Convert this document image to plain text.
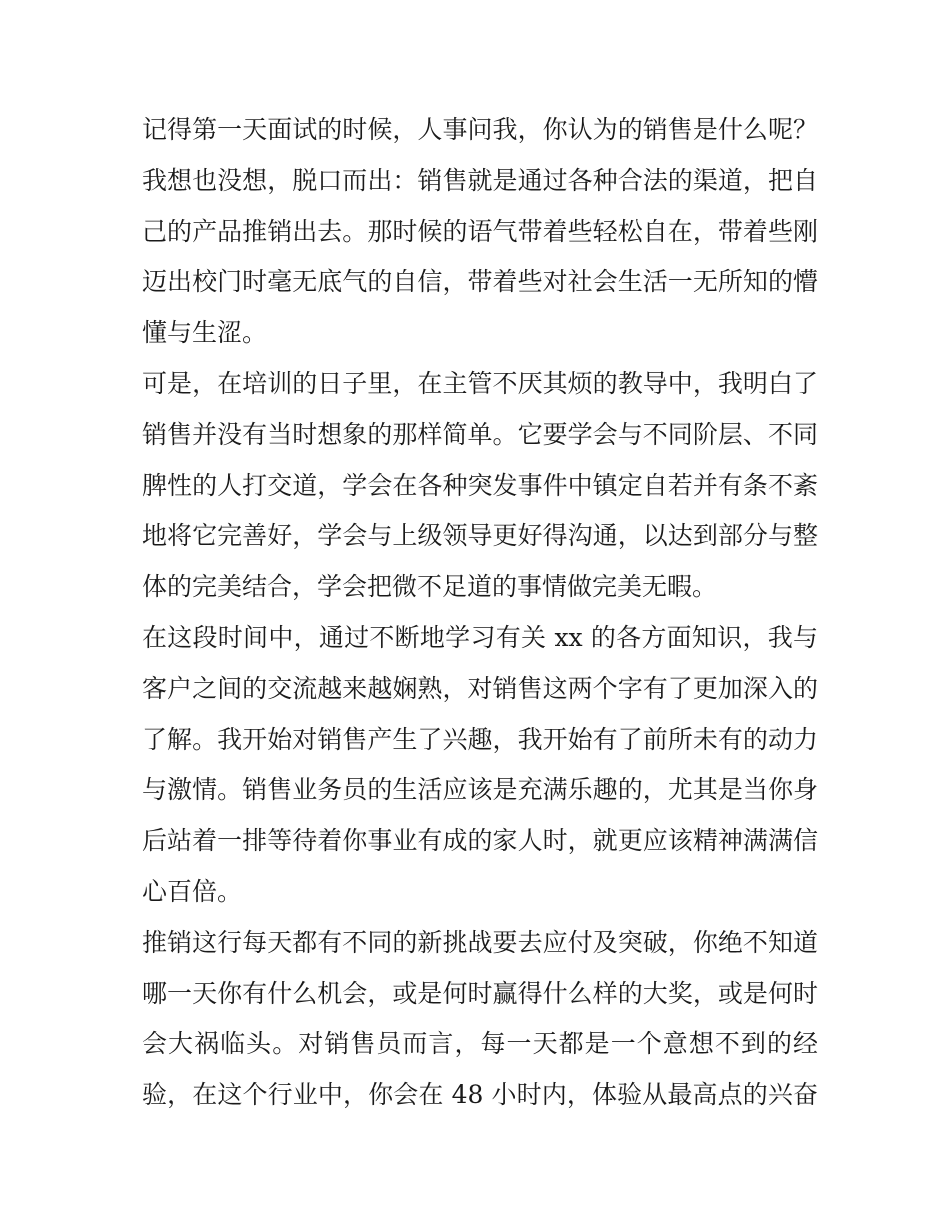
记得第一天面试的时候，人事问我，你认为的销售是什么呢？
我想也没想，脱口而出：销售就是通过各种合法的渠道，把自
己的产品推销出去。那时候的语气带着些轻松自在，带着些刚
迈出校门时毫无底气的自信，带着些对社会生活一无所知的懵
懂与生涩。
可是，在培训的日子里，在主管不厌其烦的教导中，我明白了
销售并没有当时想象的那样简单。它要学会与不同阶层、不同
脾性的人打交道，学会在各种突发事件中镇定自若并有条不紊
地将它完善好，学会与上级领导更好得沟通，以达到部分与整
体的完美结合，学会把微不足道的事情做完美无暇。
在这段时间中，通过不断地学习有关 xx 的各方面知识，我与
客户之间的交流越来越娴熟，对销售这两个字有了更加深入的
了解。我开始对销售产生了兴趣，我开始有了前所未有的动力
与激情。销售业务员的生活应该是充满乐趣的，尤其是当你身
后站着一排等待着你事业有成的家人时，就更应该精神满满信
心百倍。
推销这行每天都有不同的新挑战要去应付及突破，你绝不知道
哪一天你有什么机会，或是何时赢得什么样的大奖，或是何时
会大祸临头。对销售员而言，每一天都是一个意想不到的经
验，在这个行业中，你会在 48 小时内，体验从最高点的兴奋
